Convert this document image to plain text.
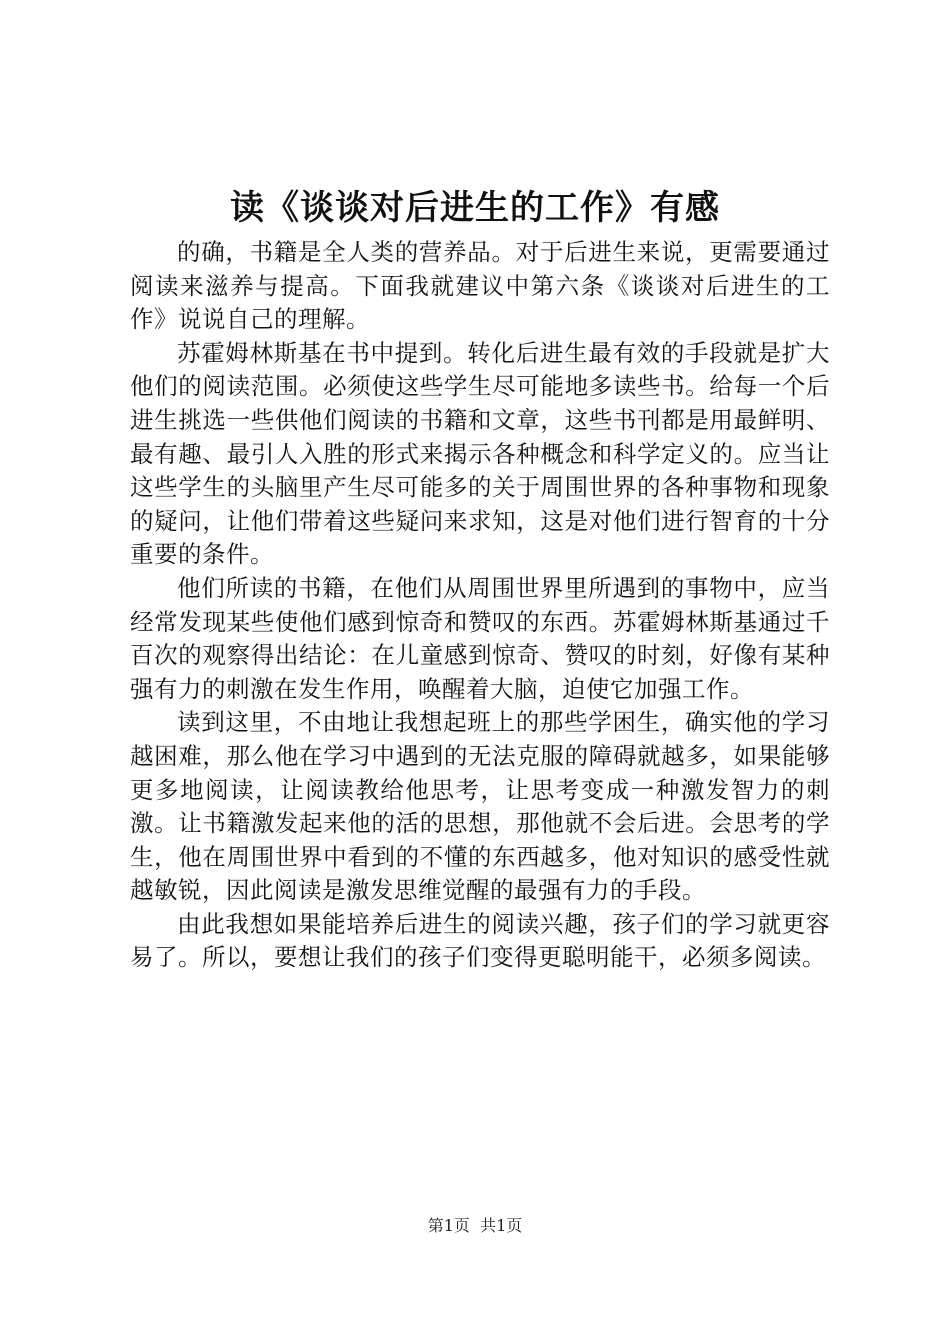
读《谈谈对后进生的工作》有感

的确，书籍是全人类的营养品。对于后进生来说，更需要通过阅读来滋养与提高。下面我就建议中第六条《谈谈对后进生的工作》说说自己的理解。

苏霍姆林斯基在书中提到。转化后进生最有效的手段就是扩大他们的阅读范围。必须使这些学生尽可能地多读些书。给每一个后进生挑选一些供他们阅读的书籍和文章，这些书刊都是用最鲜明、最有趣、最引人入胜的形式来揭示各种概念和科学定义的。应当让这些学生的头脑里产生尽可能多的关于周围世界的各种事物和现象的疑问，让他们带着这些疑问来求知，这是对他们进行智育的十分重要的条件。

他们所读的书籍，在他们从周围世界里所遇到的事物中，应当经常发现某些使他们感到惊奇和赞叹的东西。苏霍姆林斯基通过千百次的观察得出结论：在儿童感到惊奇、赞叹的时刻，好像有某种强有力的刺激在发生作用，唤醒着大脑，迫使它加强工作。

读到这里，不由地让我想起班上的那些学困生，确实他的学习越困难，那么他在学习中遇到的无法克服的障碍就越多，如果能够更多地阅读，让阅读教给他思考，让思考变成一种激发智力的刺激。让书籍激发起来他的活的思想，那他就不会后进。会思考的学生，他在周围世界中看到的不懂的东西越多，他对知识的感受性就越敏锐，因此阅读是激发思维觉醒的最强有力的手段。

由此我想如果能培养后进生的阅读兴趣，孩子们的学习就更容易了。所以，要想让我们的孩子们变得更聪明能干，必须多阅读。

第1页  共1页
